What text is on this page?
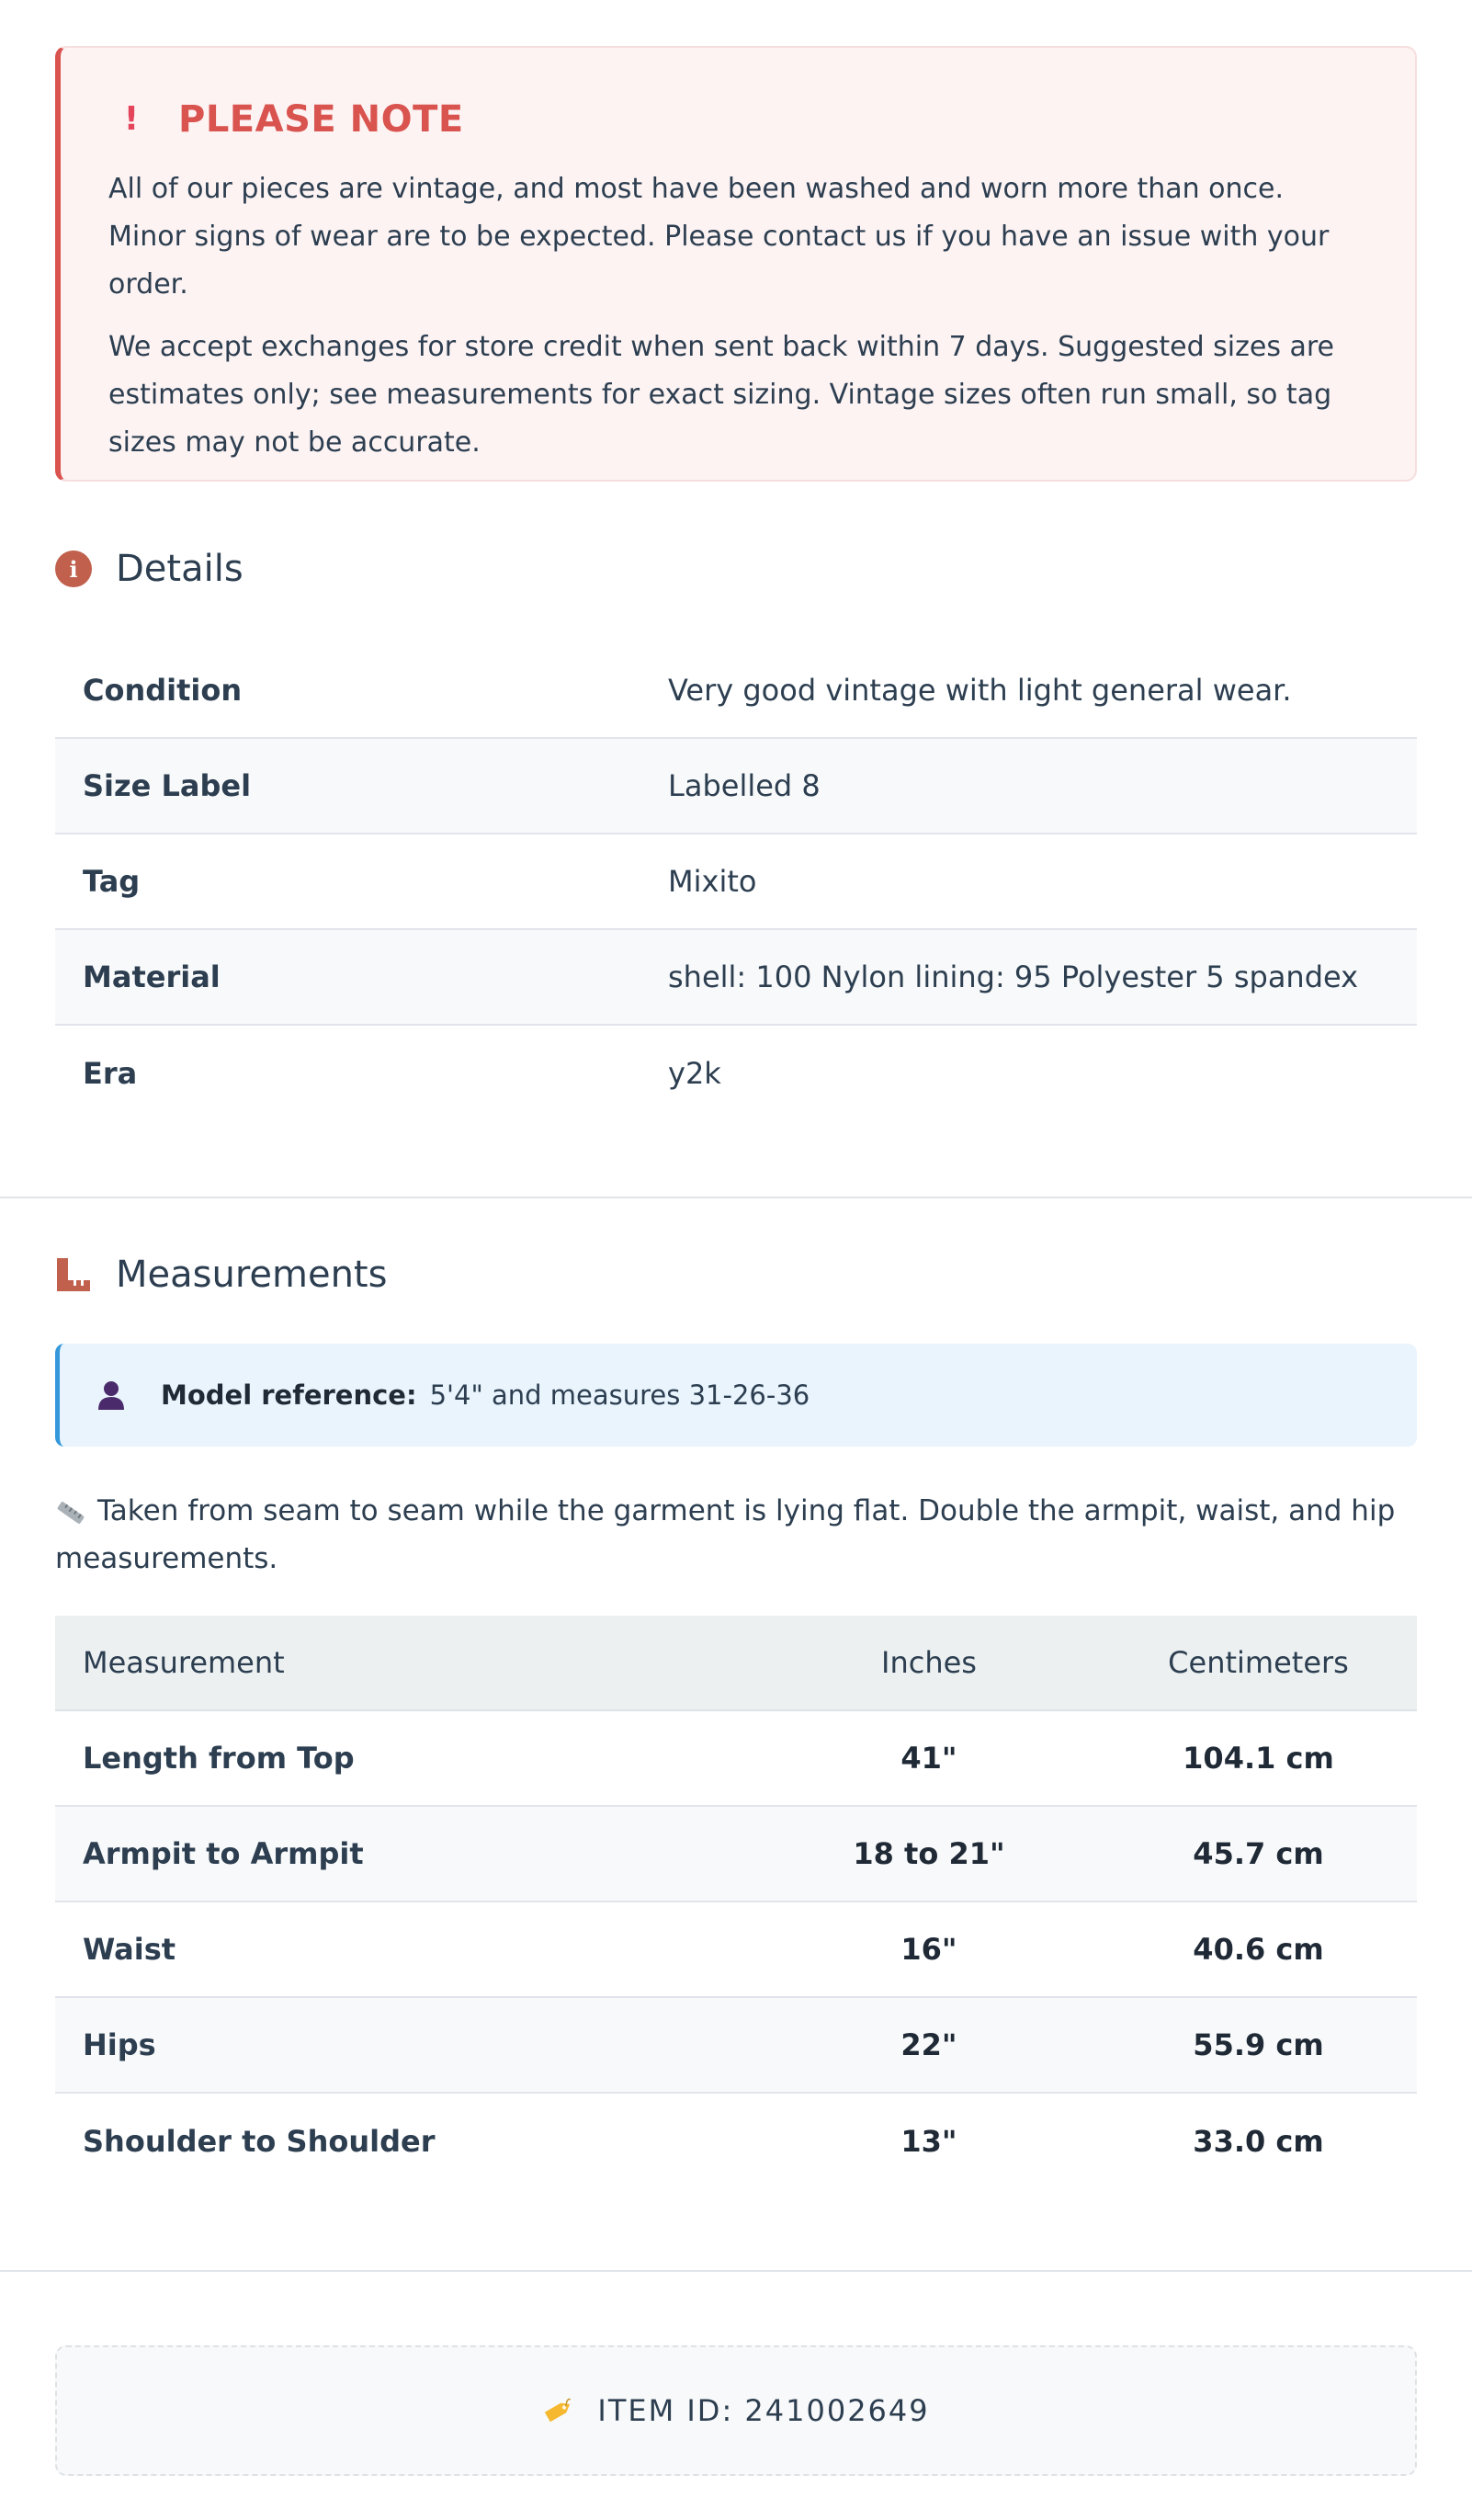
! PLEASE NOTE

All of our pieces are vintage, and most have been washed and worn more than once. Minor signs of wear are to be expected. Please contact us if you have an issue with your order.

We accept exchanges for store credit when sent back within 7 days. Suggested sizes are estimates only; see measurements for exact sizing. Vintage sizes often run small, so tag sizes may not be accurate.

i	Details
Condition	Very good vintage with light general wear.
Size Label	Labelled 8
Tag	Mixito
Material	shell: 100 Nylon lining: 95 Polyester 5 spandex
Era	y2k
Measurements
Model reference: 5'4" and measures 31-26-36
Taken from seam to seam while the garment is lying flat. Double the armpit, waist, and hip measurements.
Measurement	Inches	Centimeters
Length from Top	41"	104.1 cm
Armpit to Armpit	18 to 21"	45.7 cm
Waist	16"	40.6 cm
Hips	22"	55.9 cm
Shoulder to Shoulder	13"	33.0 cm
ITEM ID: 241002649
